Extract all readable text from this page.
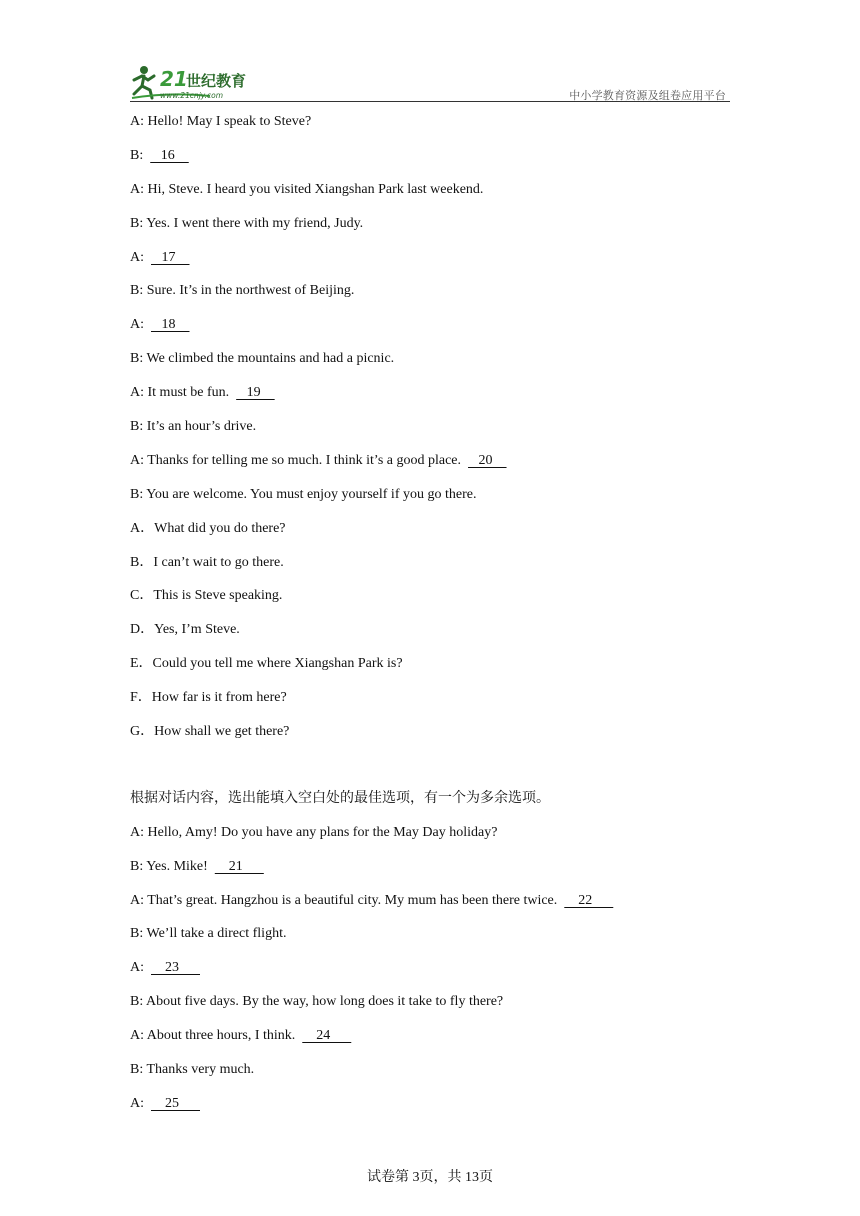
21
世纪教育
www.21cnjy.com	中小学教育资源及组卷应用平台
A: Hello! May I speak to Steve?
B:     16
A: Hi, Steve. I heard you visited Xiangshan Park last weekend.
B: Yes. I went there with my friend, Judy.
A:     17
B: Sure. It’s in the northwest of Beijing.
A:     18
B: We climbed the mountains and had a picnic.
A: It must be fun.     19
B: It’s an hour’s drive.
A: Thanks for telling me so much. I think it’s a good place.     20
B: You are welcome. You must enjoy yourself if you go there.
A．What did you do there?
B．I can’t wait to go there.
C．This is Steve speaking.
D．Yes, I’m Steve.
E．Could you tell me where Xiangshan Park is?
F．How far is it from here?
G．How shall we get there?
根据对话内容，选出能填入空白处的最佳选项，有一个为多余选项。
A: Hello, Amy! Do you have any plans for the May Day holiday?
B: Yes. Mike!      21
A: That’s great. Hangzhou is a beautiful city. My mum has been there twice.      22
B: We’ll take a direct flight.
A:      23
B: About five days. By the way, how long does it take to fly there?
A: About three hours, I think.      24
B: Thanks very much.
A:      25
试卷第 3页，共 13页
